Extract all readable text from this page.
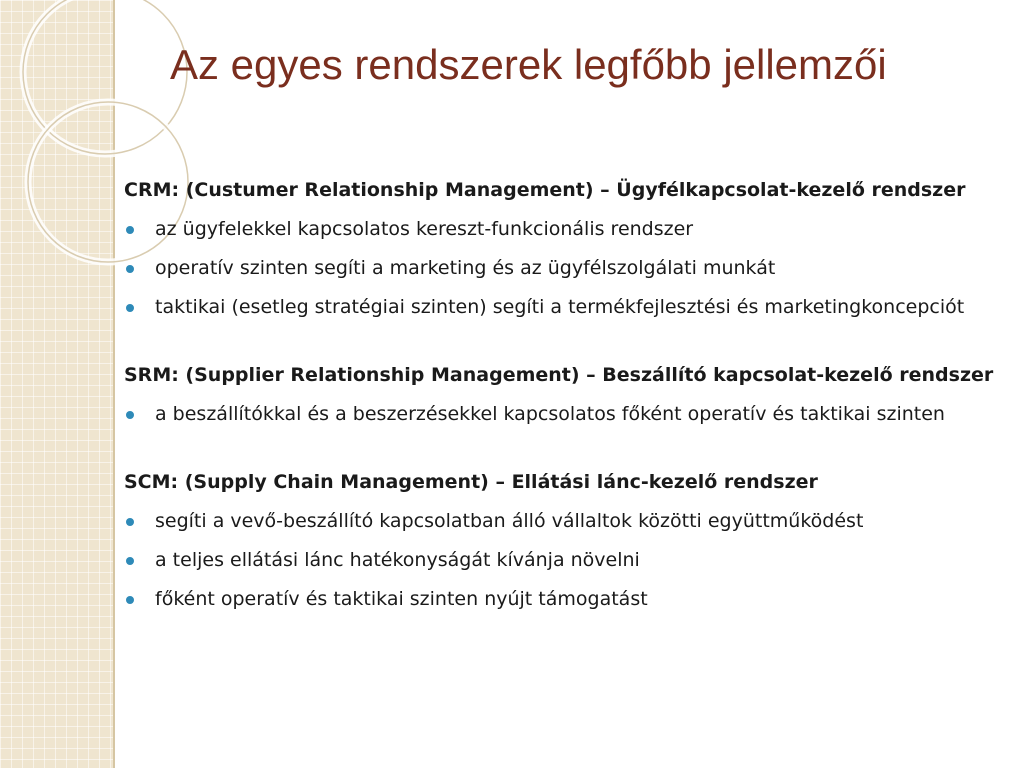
Az egyes rendszerek legfőbb jellemzői
CRM: (Custumer Relationship Management) – Ügyfélkapcsolat-kezelő rendszer
az ügyfelekkel kapcsolatos kereszt-funkcionális rendszer
operatív szinten segíti a marketing és az ügyfélszolgálati munkát
taktikai (esetleg stratégiai szinten) segíti a termékfejlesztési és marketingkoncepciót
SRM: (Supplier Relationship Management) – Beszállító kapcsolat-kezelő rendszer
a beszállítókkal és a beszerzésekkel kapcsolatos főként operatív és taktikai szinten
SCM: (Supply Chain Management) – Ellátási lánc-kezelő rendszer
segíti a vevő-beszállító kapcsolatban álló vállaltok közötti együttműködést
a teljes ellátási lánc hatékonyságát kívánja növelni
főként operatív és taktikai szinten nyújt támogatást
